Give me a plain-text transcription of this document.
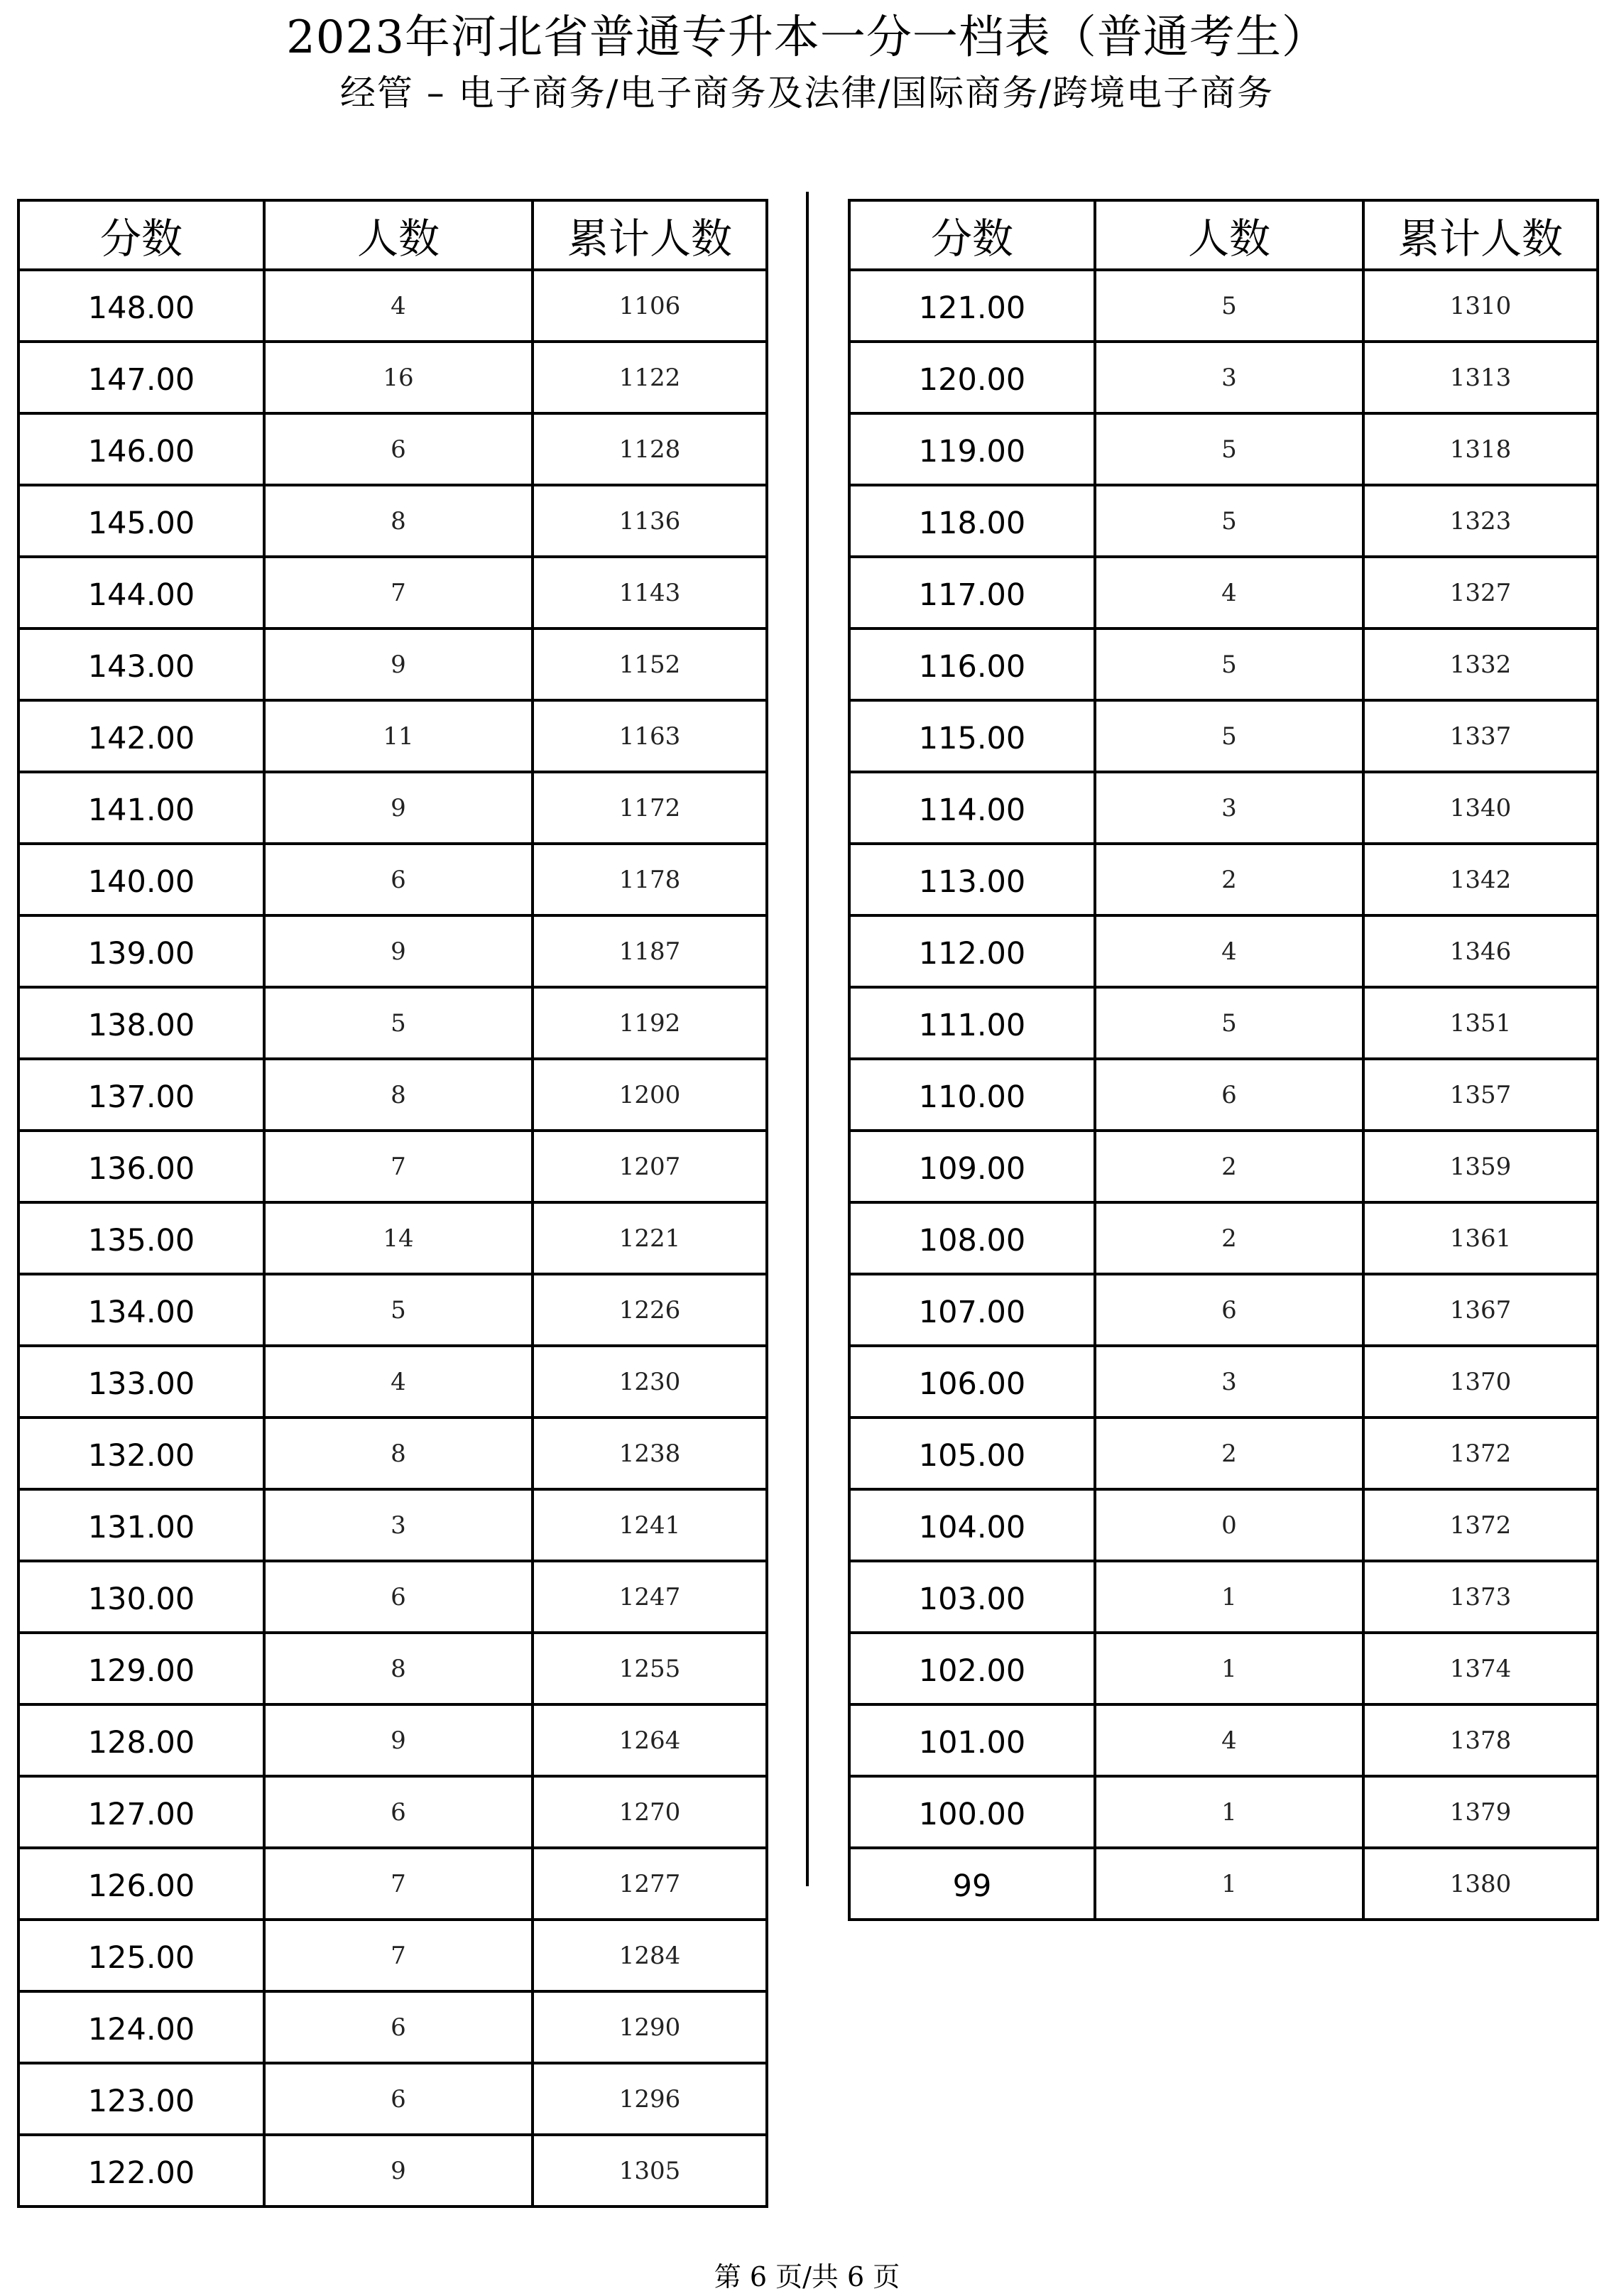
2023年河北省普通专升本一分一档表（普通考生）
经管 – 电子商务/电子商务及法律/国际商务/跨境电子商务
分数	人数	累计人数
148.00	4	1106
147.00	16	1122
146.00	6	1128
145.00	8	1136
144.00	7	1143
143.00	9	1152
142.00	11	1163
141.00	9	1172
140.00	6	1178
139.00	9	1187
138.00	5	1192
137.00	8	1200
136.00	7	1207
135.00	14	1221
134.00	5	1226
133.00	4	1230
132.00	8	1238
131.00	3	1241
130.00	6	1247
129.00	8	1255
128.00	9	1264
127.00	6	1270
126.00	7	1277
125.00	7	1284
124.00	6	1290
123.00	6	1296
122.00	9	1305
分数	人数	累计人数
121.00	5	1310
120.00	3	1313
119.00	5	1318
118.00	5	1323
117.00	4	1327
116.00	5	1332
115.00	5	1337
114.00	3	1340
113.00	2	1342
112.00	4	1346
111.00	5	1351
110.00	6	1357
109.00	2	1359
108.00	2	1361
107.00	6	1367
106.00	3	1370
105.00	2	1372
104.00	0	1372
103.00	1	1373
102.00	1	1374
101.00	4	1378
100.00	1	1379
99	1	1380
第 6 页/共 6 页
